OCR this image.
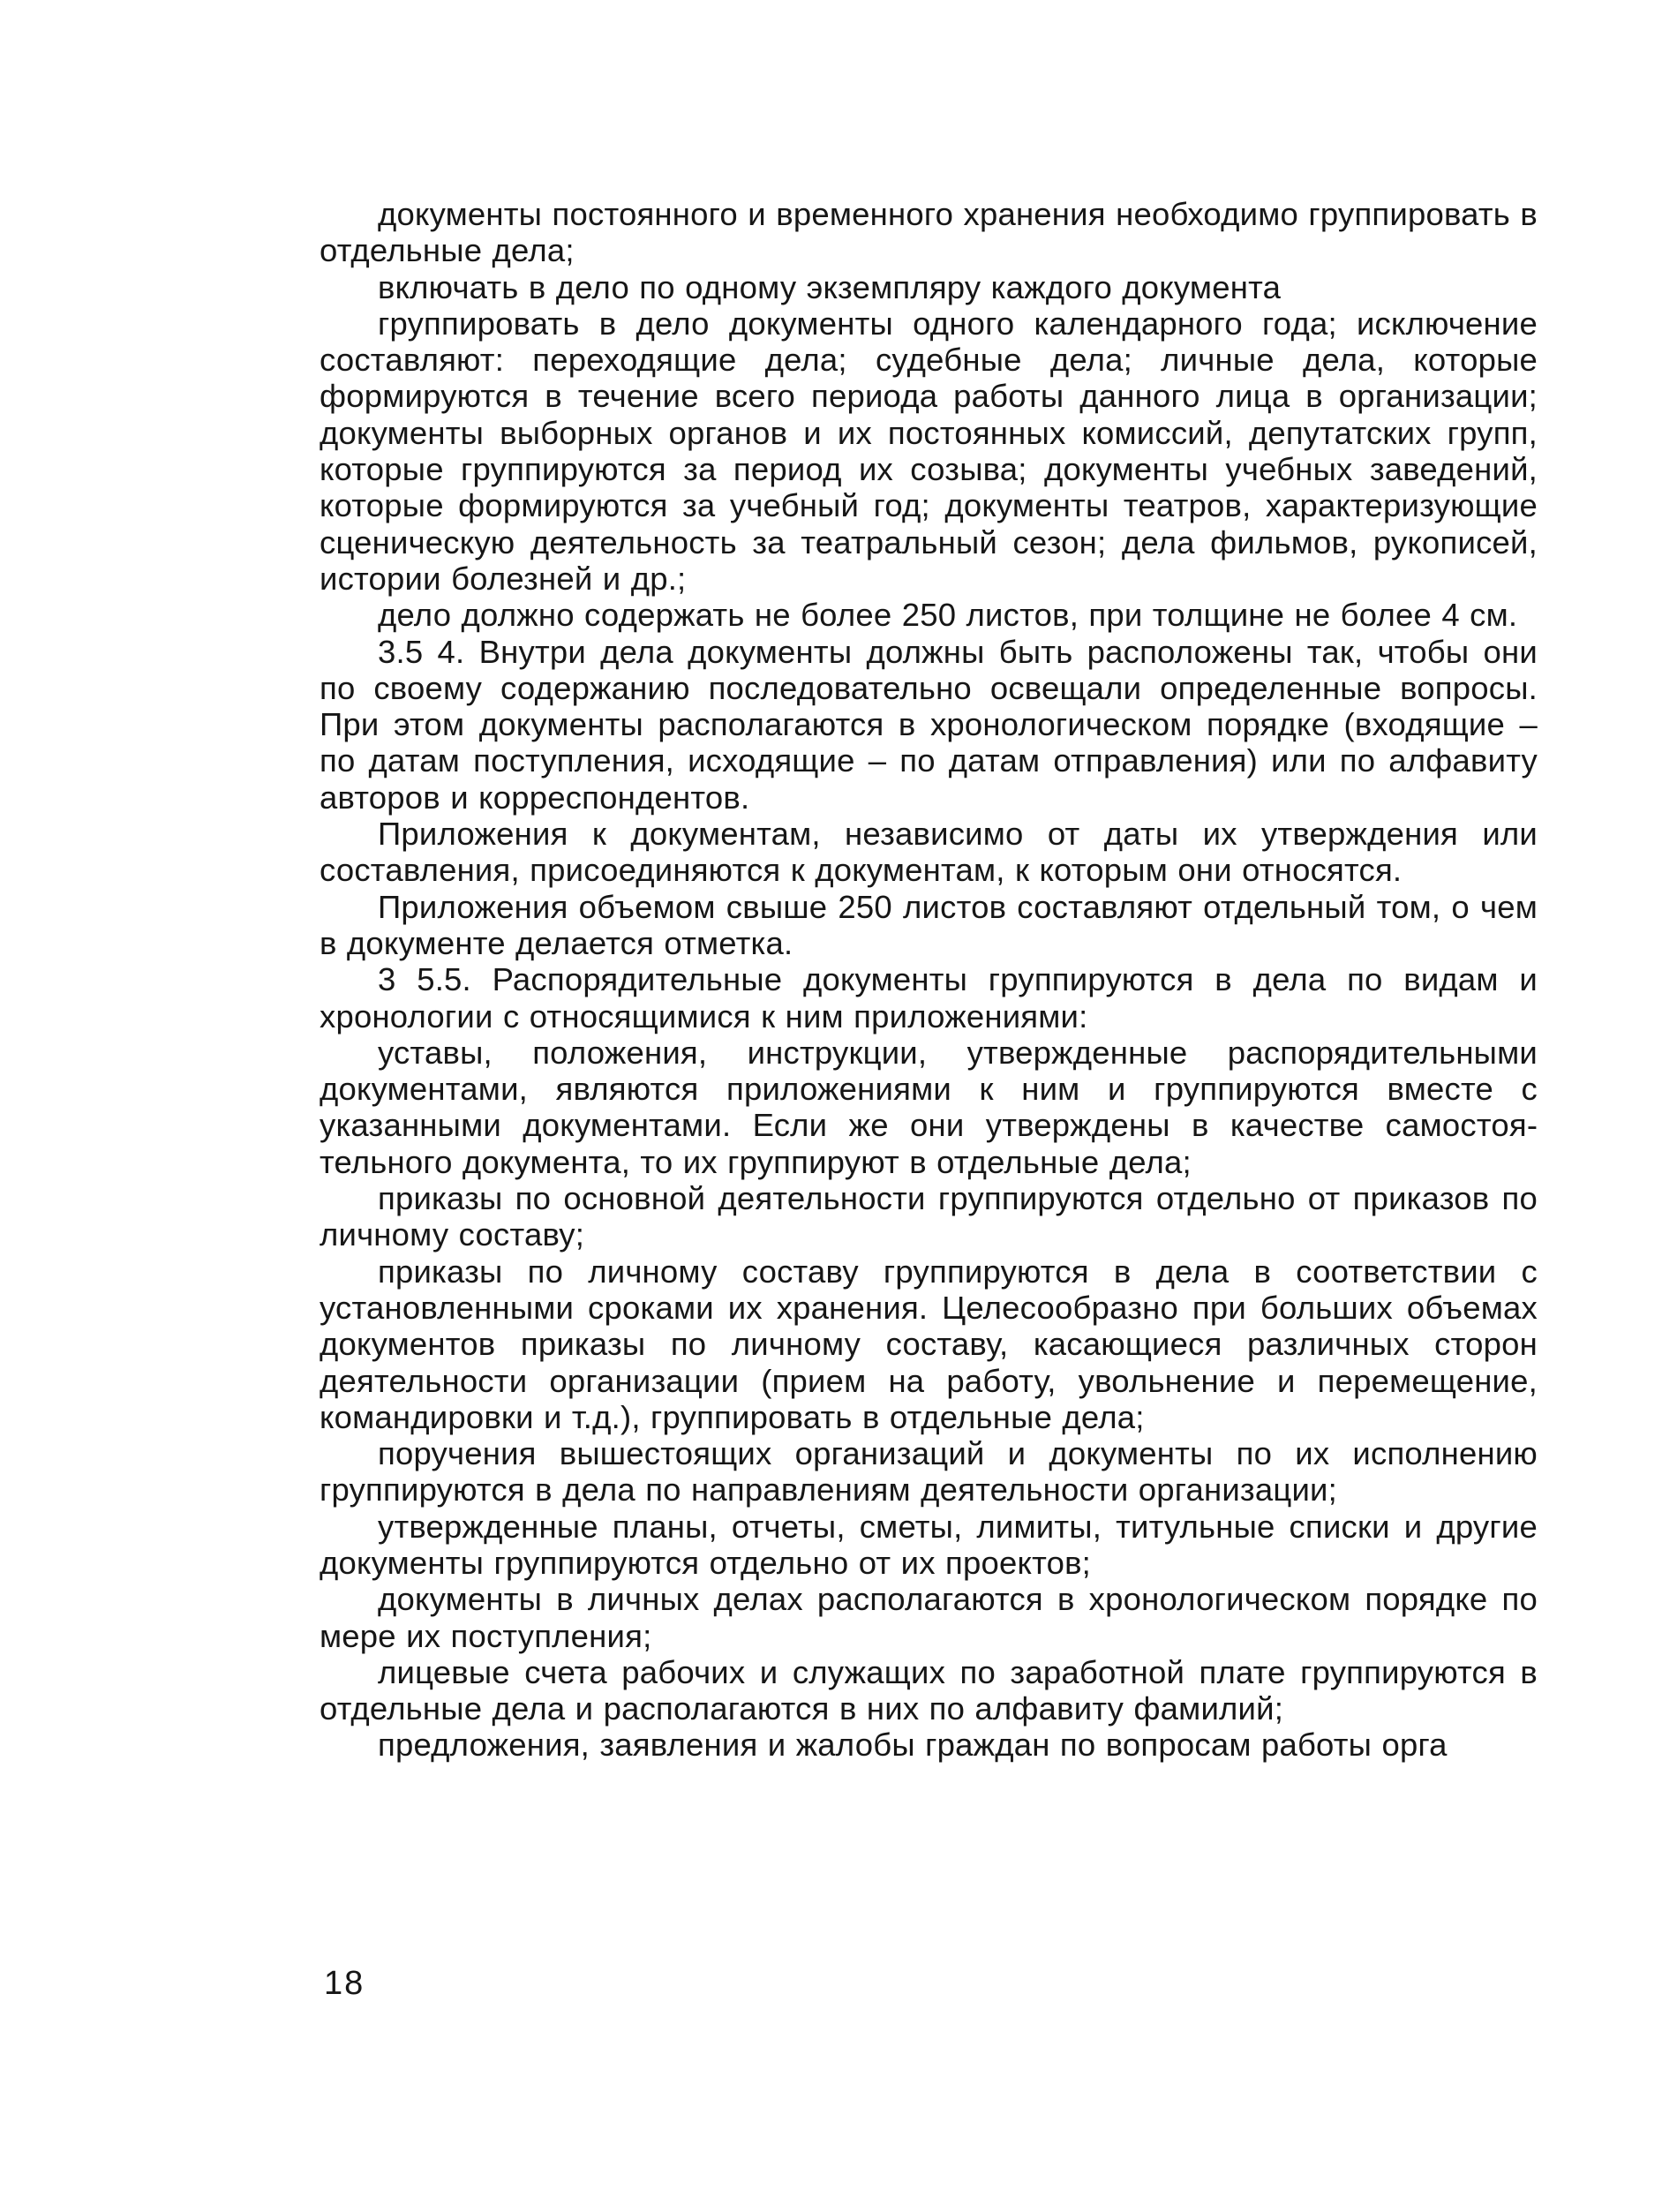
документы постоянного и временного хранения необходимо группировать в отдельные дела;

включать в дело по одному экземпляру каждого документа

группировать в дело документы одного календарного года; исключение составляют: переходящие дела; судебные дела; личные дела, которые формируются в течение всего периода работы данного лица в организации; документы выборных органов и их постоянных комиссий, депутатских групп, которые группируются за период их созыва; документы учебных заведений, которые формируются за учебный год; документы театров, характеризующие сценическую деятельность за театральный сезон; дела фильмов, рукописей, истории болезней и др.;

дело должно содержать не более 250 листов, при толщине не более 4 см.

3.5 4. Внутри дела документы должны быть расположены так, чтобы они по своему содержанию последовательно освещали определенные вопросы. При этом документы располагаются в хронологическом порядке (входящие – по датам поступления, исходящие – по датам отправления) или по алфавиту авторов и корреспондентов.

Приложения к документам, независимо от даты их утверждения или составления, присоединяются к документам, к которым они относятся.

Приложения объемом свыше 250 листов составляют отдельный том, о чем в документе делается отметка.

3 5.5. Распорядительные документы группируются в дела по видам и хронологии с относящимися к ним приложениями:

уставы, положения, инструкции, утвержденные распорядительными документами, являются приложениями к ним и группируются вместе с указанными документами. Если же они утверждены в качестве самостоятельного документа, то их группируют в отдельные дела;

приказы по основной деятельности группируются отдельно от приказов по личному составу;

приказы по личному составу группируются в дела в соответствии с установленными сроками их хранения. Целесообразно при больших объемах документов приказы по личному составу, касающиеся различных сторон деятельности организации (прием на работу, увольнение и перемещение, командировки и т.д.), группировать в отдельные дела;

поручения вышестоящих организаций и документы по их исполнению группируются в дела по направлениям деятельности организации;

утвержденные планы, отчеты, сметы, лимиты, титульные списки и другие документы группируются отдельно от их проектов;

документы в личных делах располагаются в хронологическом порядке по мере их поступления;

лицевые счета рабочих и служащих по заработной плате группируются в отдельные дела и располагаются в них по алфавиту фамилий;

предложения, заявления и жалобы граждан по вопросам работы орга

18
